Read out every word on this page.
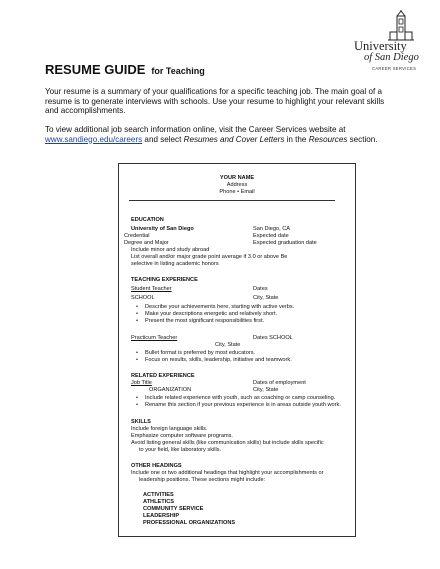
University
of San Diego
CAREER SERVICES
RESUME GUIDE for Teaching
Your resume is a summary of your qualifications for a specific teaching job. The main goal of a resume is to generate interviews with schools. Use your resume to highlight your relevant skills and accomplishments.
To view additional job search information online, visit the Career Services website at
www.sandiego.edu/careers and select Resumes and Cover Letters in the Resources section.
YOUR NAME
Address
Phone • Email
EDUCATION
University of San Diego	San Diego, CA
Credential	Expected date
Degree and Major	Expected graduation date
Include minor and study abroad
List overall and/or major grade point average if 3.0 or above Be
selective in listing academic honors
TEACHING EXPERIENCE
Student Teacher	Dates
SCHOOL	City, State
• Describe your achievements here, starting with active verbs.
• Make your descriptions energetic and relatively short.
• Present the most significant responsibilities first.
Practicum Teacher	Dates SCHOOL
City, State
• Bullet format is preferred by most educators.
• Focus on results, skills, leadership, initiative and teamwork.
RELATED EXPERIENCE
Job Title	Dates of employment
ORGANIZATION	City, State
• Include related experience with youth, such as coaching or camp counseling.
• Rename this section if your previous experience is in areas outside youth work.
SKILLS
Include foreign language skills.
Emphasize computer software programs.
Avoid listing general skills (like communication skills) but include skills specific
to your field, like laboratory skills.
OTHER HEADINGS
Include one or two additional headings that highlight your accomplishments or
leadership positions. These sections might include:
ACTIVITIES
ATHLETICS
COMMUNITY SERVICE
LEADERSHIP
PROFESSIONAL ORGANIZATIONS
